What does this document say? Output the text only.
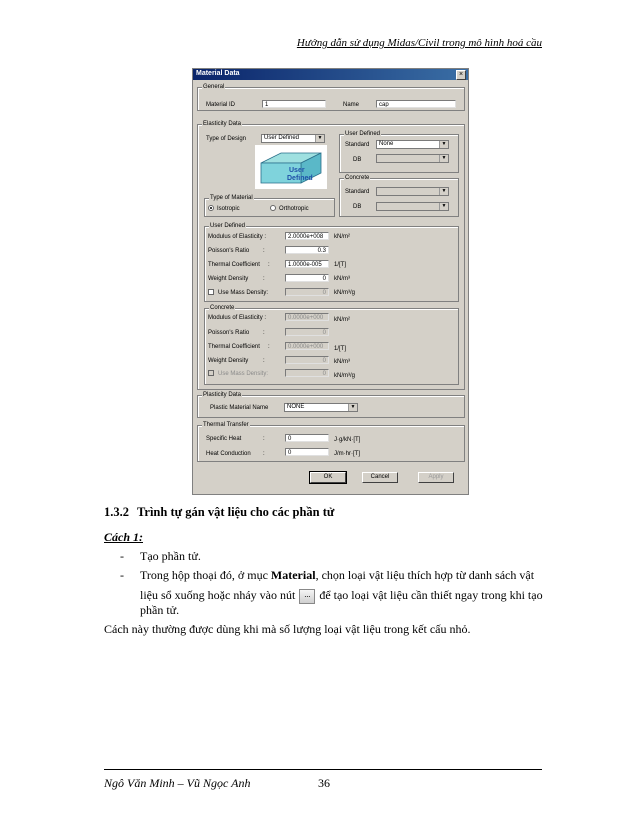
Hướng dẫn sử dụng Midas/Civil trong mô hình hoá cầu
Material Data	×
General
Material ID	1	Name	cap
Elasticity Data
Type of Design	User Defined	▼
User
Defined
User Defined
Standard	None	▼
DB	▼
Concrete
Standard	▼
DB	▼
Type of Material
Isotropic	Orthotropic
User Defined
Modulus of Elasticity :	2.0000e+008	kN/m²
Poisson's Ratio :	0.3
Thermal Coefficient :	1.0000e-005	1/[T]
Weight Density :	0	kN/m³
Use Mass Density:	0	kN/m³/g
Concrete
Modulus of Elasticity :	0.0000e+000	kN/m²
Poisson's Ratio :	0
Thermal Coefficient :	0.0000e+000	1/[T]
Weight Density :	0	kN/m³
Use Mass Density:	0	kN/m³/g
Plasticity Data
Plastic Material Name	NONE	▼
Thermal Transfer
Specific Heat	:	0	J·g/kN·[T]
Heat Conduction :	0	J/m·hr·[T]
OK	Cancel	Apply
1.3.2 Trình tự gán vật liệu cho các phần tử
Cách 1:
- Tạo phần tử.
- Trong hộp thoại đó, ở mục Material, chọn loại vật liệu thích hợp từ danh sách vật
liệu sổ xuống hoặc nháy vào nút ... để tạo loại vật liệu cần thiết ngay trong khi tạo
phần tử.
Cách này thường được dùng khi mà số lượng loại vật liệu trong kết cấu nhỏ.
Ngô Văn Minh – Vũ Ngọc Anh	36
